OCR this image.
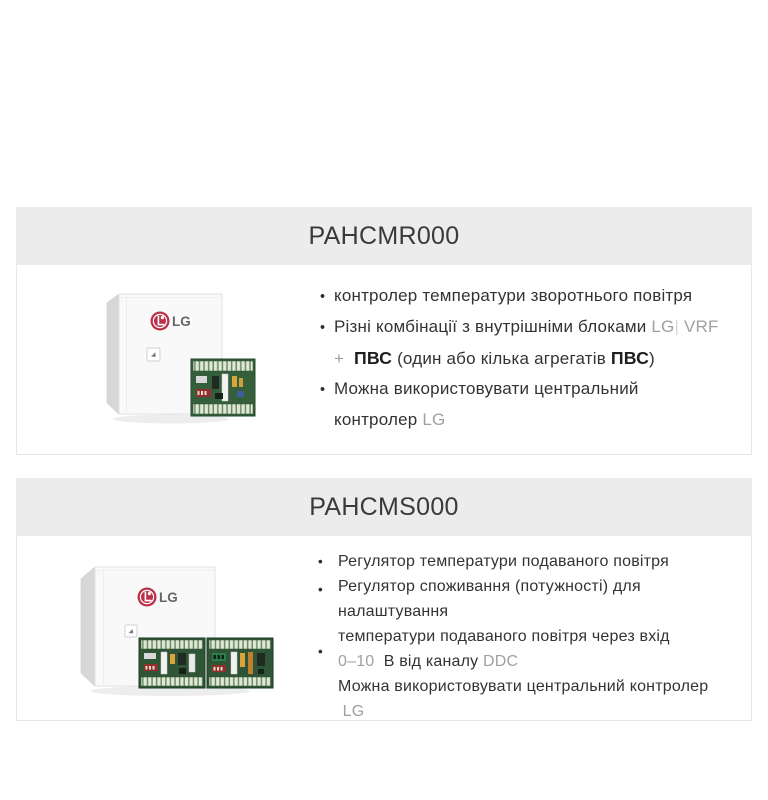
PAHCMR000
LG
• контролер температури зворотнього повітря
• Різні комбінації з внутрішніми блоками LG| VRF
+  ПВС (один або кілька агрегатів ПВС)
• Можна використовувати центральний
контролер LG
PAHCMS000
LG
• Регулятор температури подаваного повітря
• Регулятор споживання (потужності) для
налаштування
температури подаваного повітря через вхід
•
0–10  В від каналу DDC
Можна використовувати центральний контролер
LG
